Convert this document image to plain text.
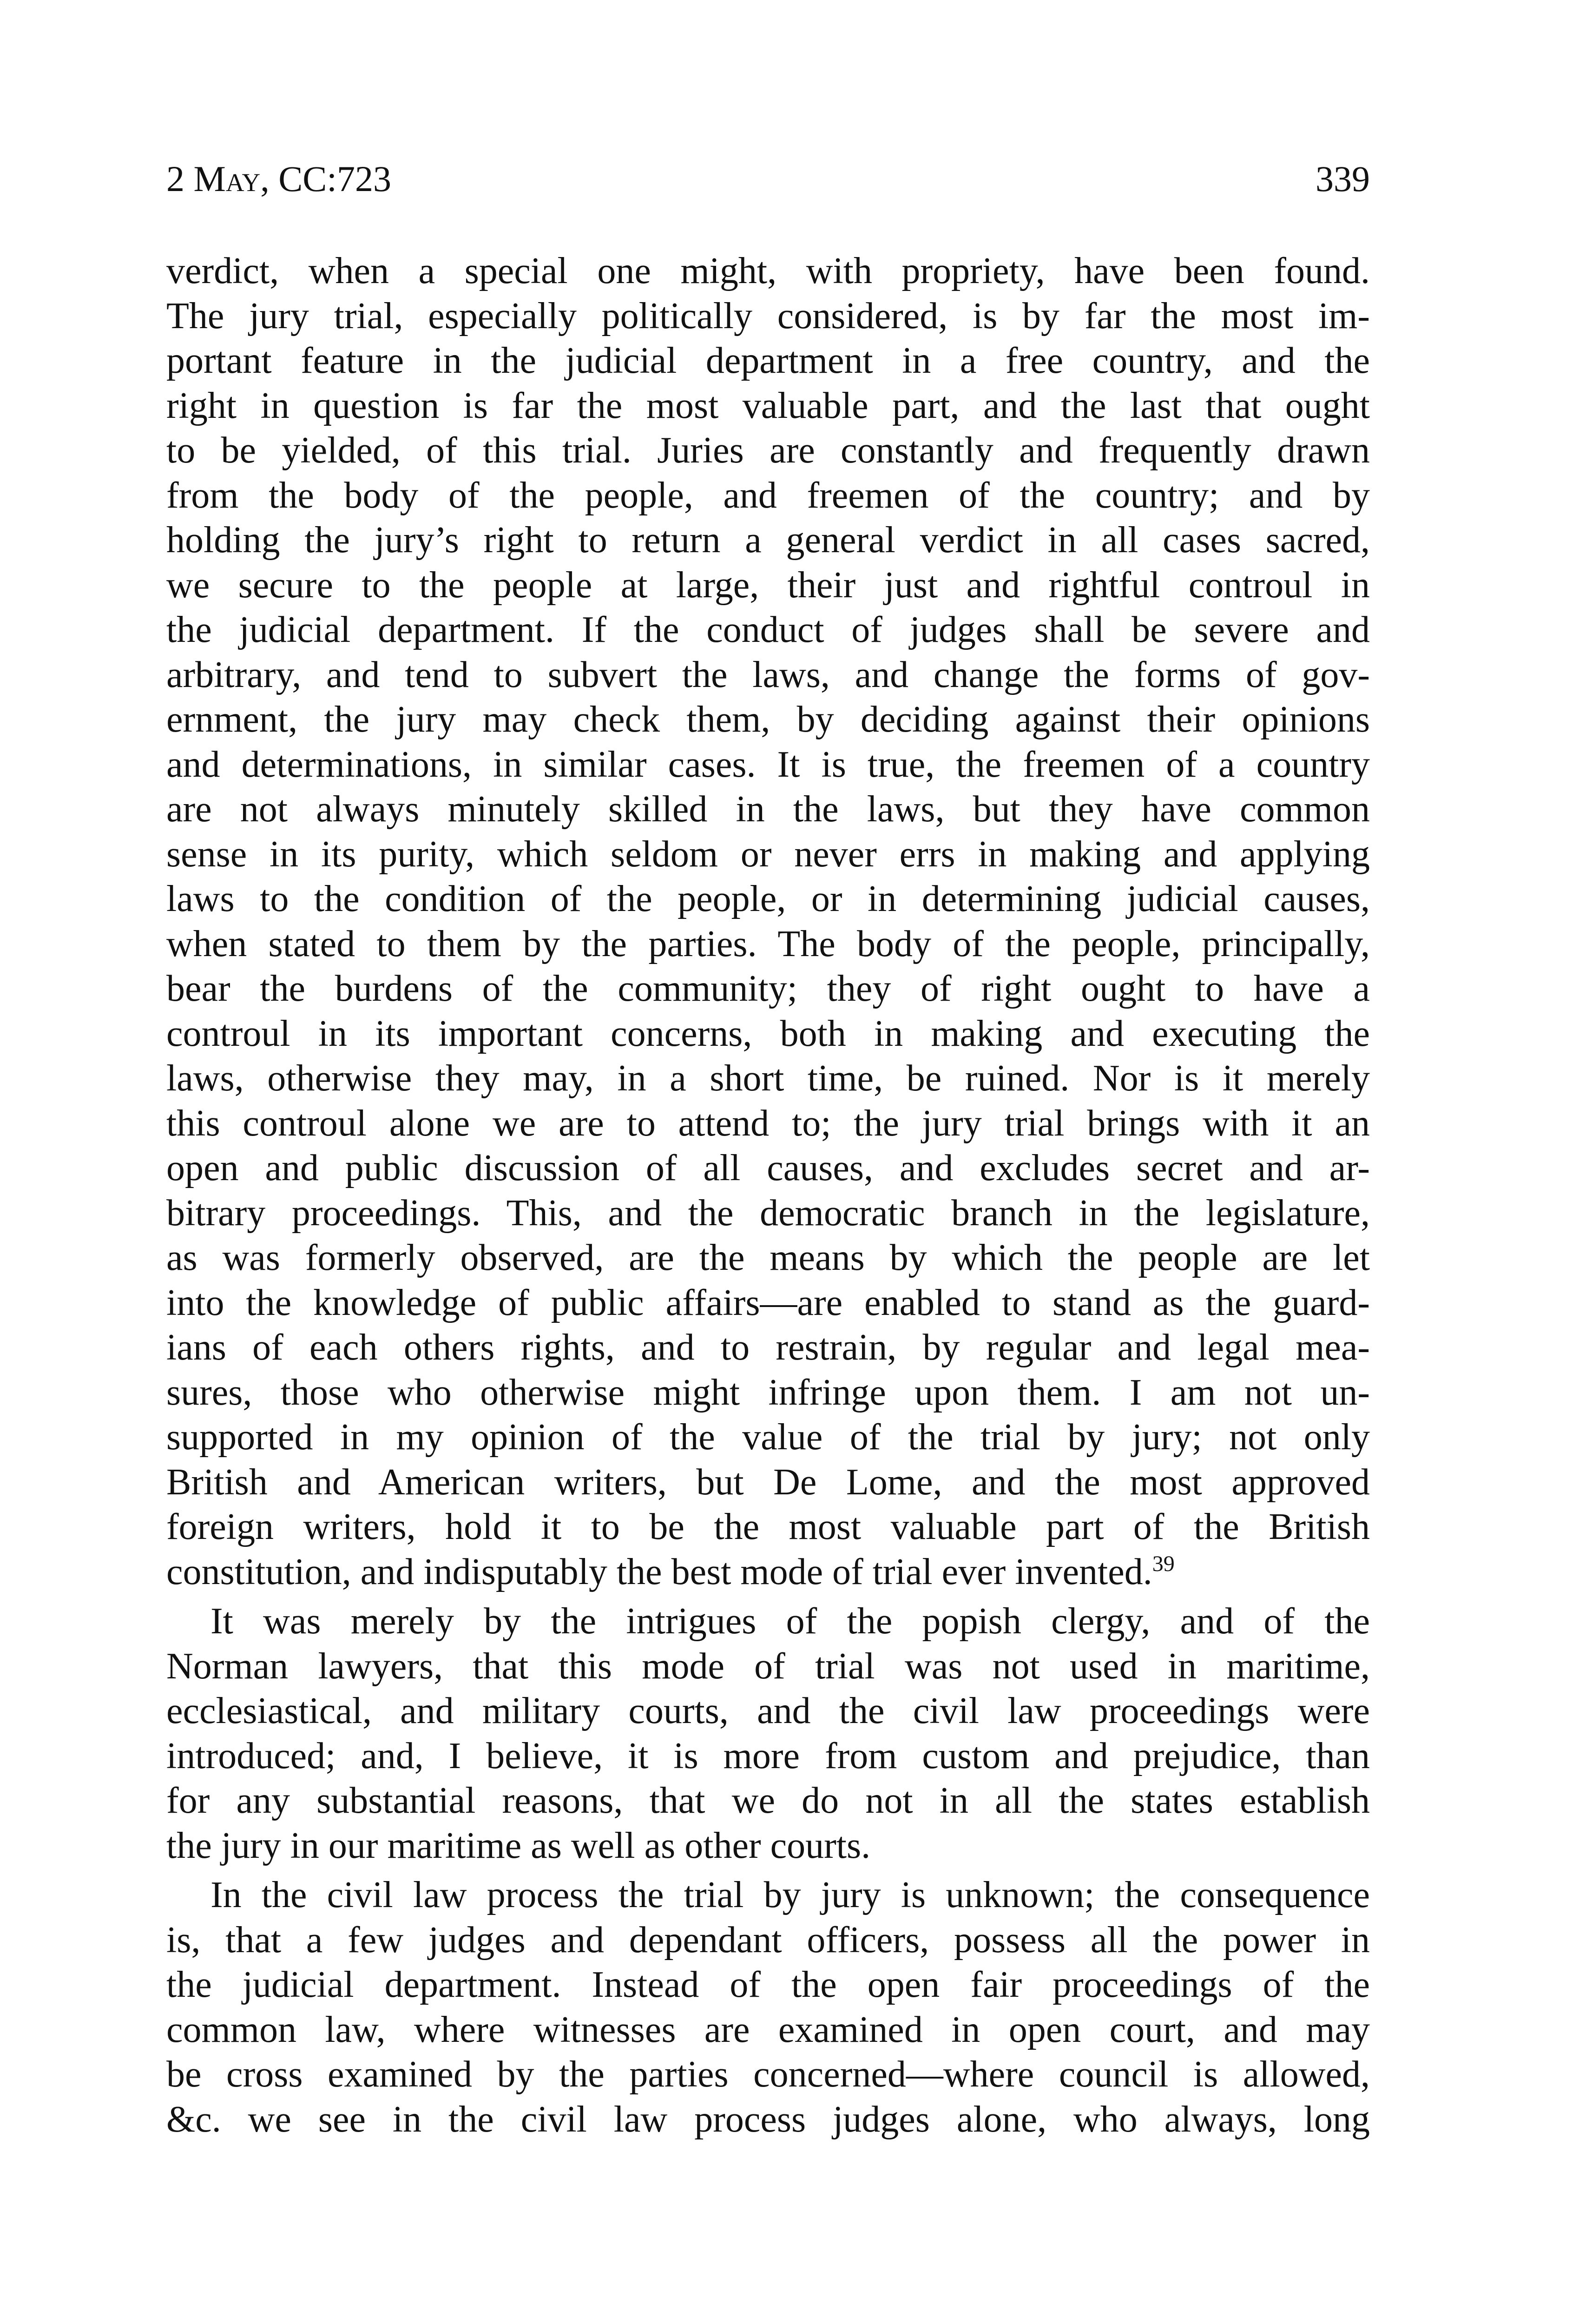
2 May, CC:723	339
verdict, when a special one might, with propriety, have been found.
The jury trial, especially politically considered, is by far the most im-
portant feature in the judicial department in a free country, and the
right in question is far the most valuable part, and the last that ought
to be yielded, of this trial. Juries are constantly and frequently drawn
from the body of the people, and freemen of the country; and by
holding the jury’s right to return a general verdict in all cases sacred,
we secure to the people at large, their just and rightful controul in
the judicial department. If the conduct of judges shall be severe and
arbitrary, and tend to subvert the laws, and change the forms of gov-
ernment, the jury may check them, by deciding against their opinions
and determinations, in similar cases. It is true, the freemen of a country
are not always minutely skilled in the laws, but they have common
sense in its purity, which seldom or never errs in making and applying
laws to the condition of the people, or in determining judicial causes,
when stated to them by the parties. The body of the people, principally,
bear the burdens of the community; they of right ought to have a
controul in its important concerns, both in making and executing the
laws, otherwise they may, in a short time, be ruined. Nor is it merely
this controul alone we are to attend to; the jury trial brings with it an
open and public discussion of all causes, and excludes secret and ar-
bitrary proceedings. This, and the democratic branch in the legislature,
as was formerly observed, are the means by which the people are let
into the knowledge of public affairs—are enabled to stand as the guard-
ians of each others rights, and to restrain, by regular and legal mea-
sures, those who otherwise might infringe upon them. I am not un-
supported in my opinion of the value of the trial by jury; not only
British and American writers, but De Lome, and the most approved
foreign writers, hold it to be the most valuable part of the British
constitution, and indisputably the best mode of trial ever invented.$^{39}$
It was merely by the intrigues of the popish clergy, and of the
Norman lawyers, that this mode of trial was not used in maritime,
ecclesiastical, and military courts, and the civil law proceedings were
introduced; and, I believe, it is more from custom and prejudice, than
for any substantial reasons, that we do not in all the states establish
the jury in our maritime as well as other courts.
In the civil law process the trial by jury is unknown; the consequence
is, that a few judges and dependant officers, possess all the power in
the judicial department. Instead of the open fair proceedings of the
common law, where witnesses are examined in open court, and may
be cross examined by the parties concerned—where council is allowed,
&c. we see in the civil law process judges alone, who always, long
